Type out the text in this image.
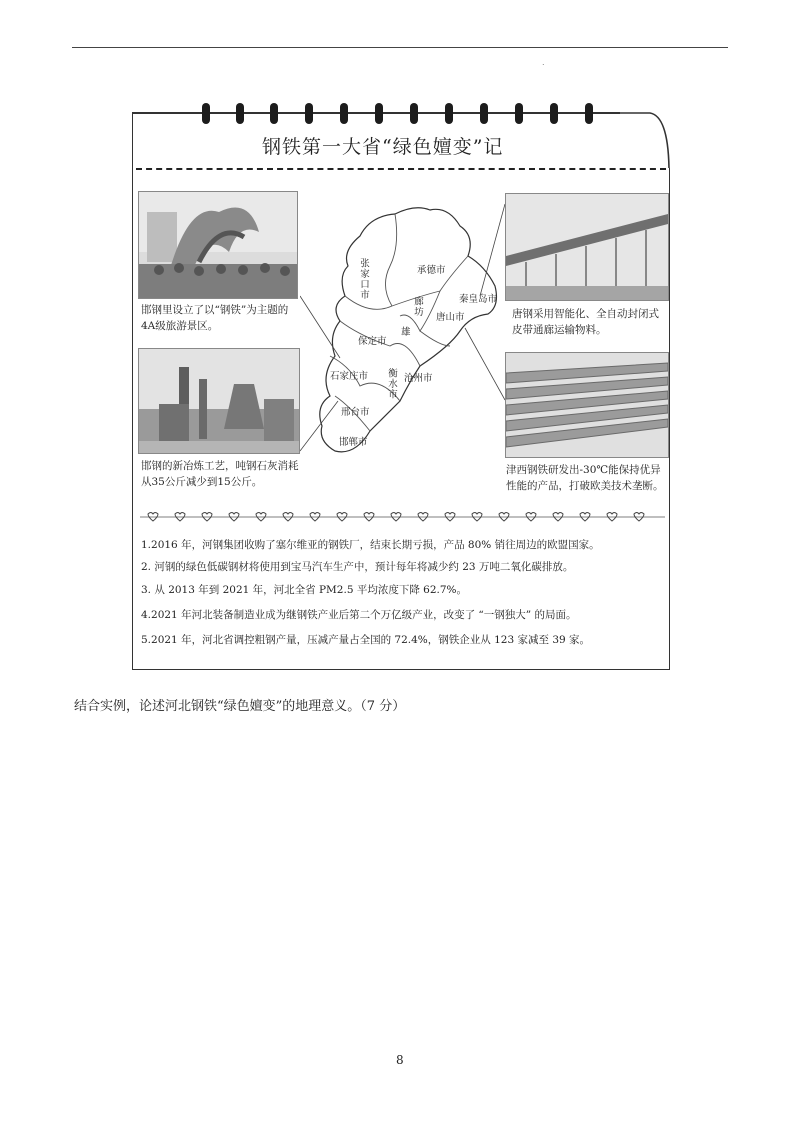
.
钢铁第一大省“绿色嬗变”记
邯钢里设立了以“钢铁”为主题的4A级旅游景区。
邯钢的新冶炼工艺，吨钢石灰消耗从35公斤减少到15公斤。
唐钢采用智能化、全自动封闭式皮带通廊运输物料。
津西钢铁研发出-30℃能保持优异性能的产品，打破欧美技术垄断。
张家口市	承德市
秦皇岛市
廊坊
唐山市
保定市
雄
石家庄市 衡水市 沧州市
邢台市
邯郸市
1.2016 年，河钢集团收购了塞尔维亚的钢铁厂，结束长期亏损，产品 80% 销往周边的欧盟国家。
2. 河钢的绿色低碳钢材将使用到宝马汽车生产中，预计每年将减少约 23 万吨二氧化碳排放。
3. 从 2013 年到 2021 年，河北全省 PM2.5 平均浓度下降 62.7%。
4.2021 年河北装备制造业成为继钢铁产业后第二个万亿级产业，改变了 “一钢独大” 的局面。
5.2021 年，河北省调控粗钢产量，压减产量占全国的 72.4%，钢铁企业从 123 家减至 39 家。
结合实例，论述河北钢铁“绿色嬗变”的地理意义。（7 分）
8
